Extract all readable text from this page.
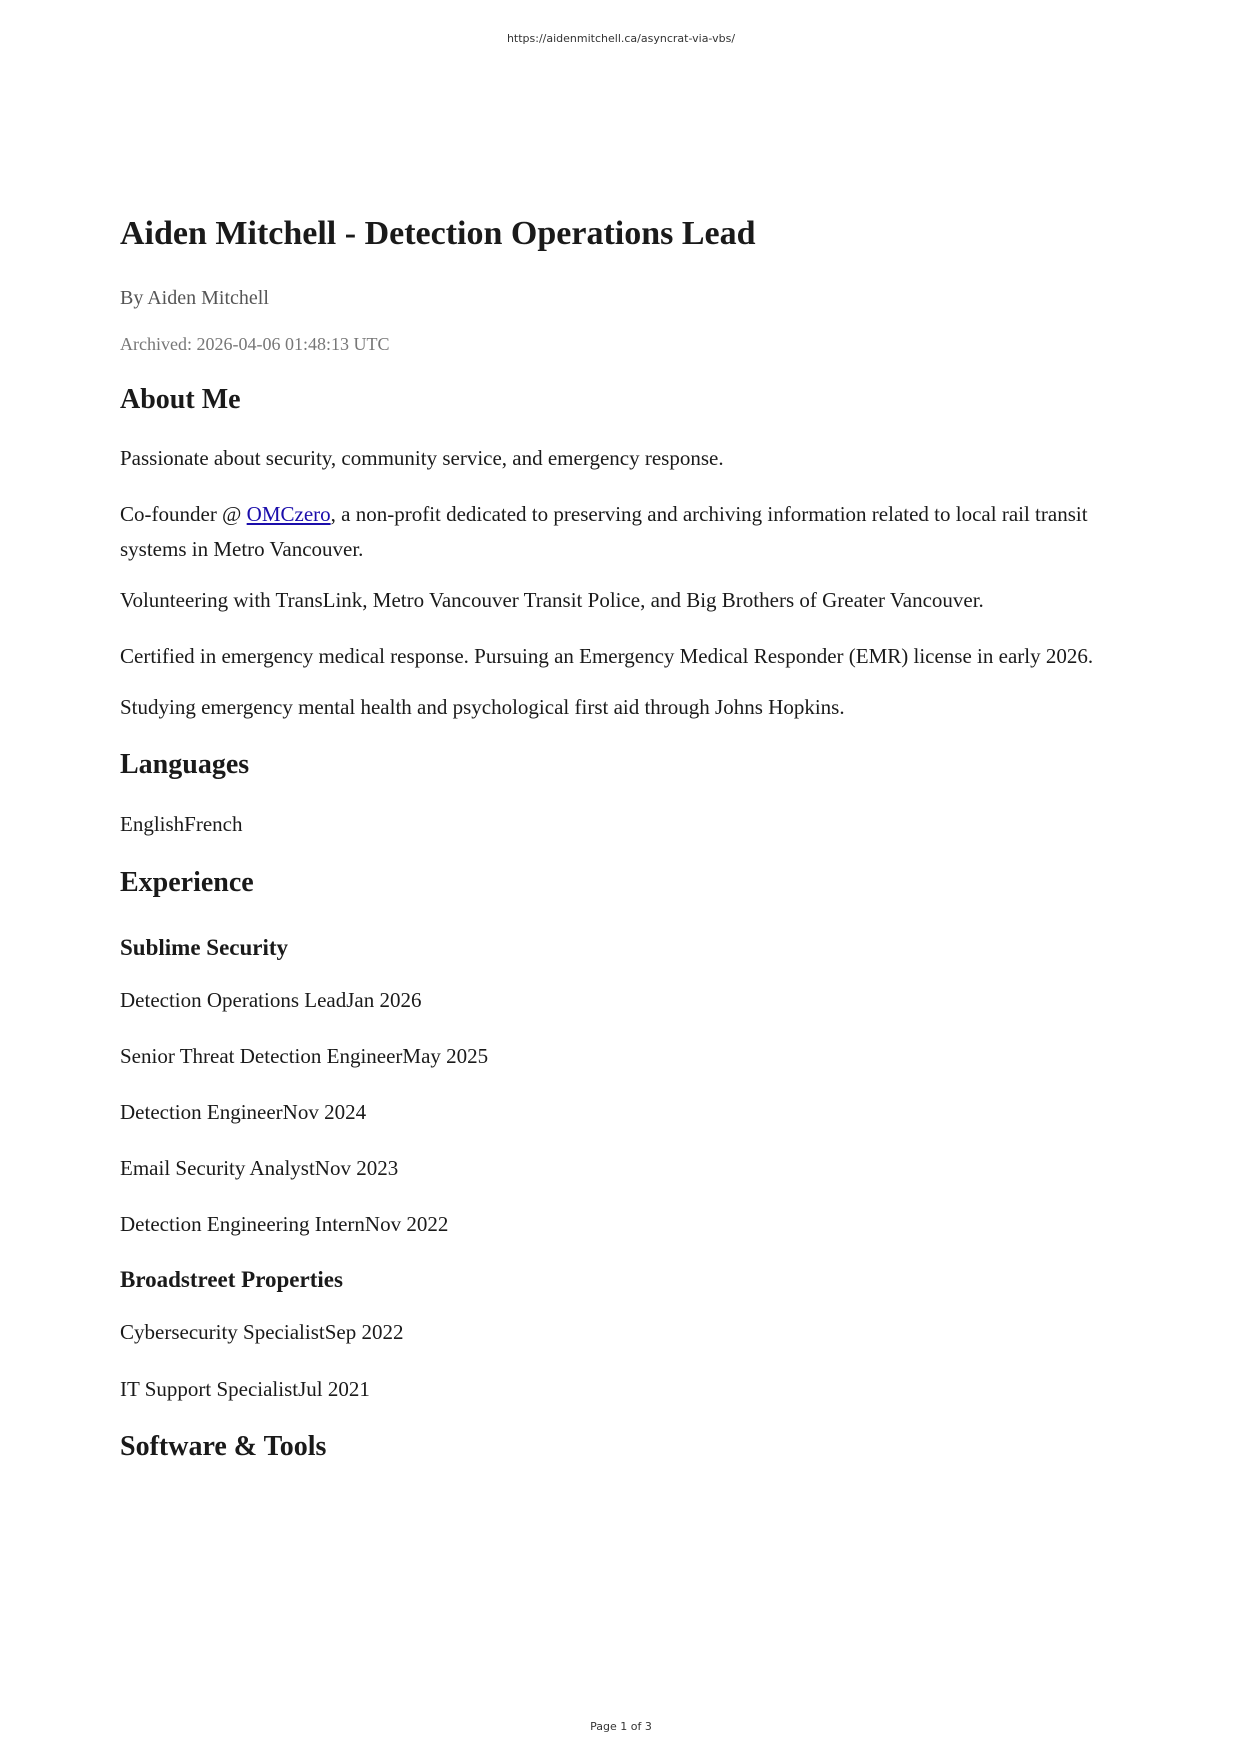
https://aidenmitchell.ca/asyncrat-via-vbs/
Aiden Mitchell - Detection Operations Lead
By Aiden Mitchell
Archived: 2026-04-06 01:48:13 UTC
About Me

Passionate about security, community service, and emergency response.

Co-founder @ OMCzero, a non-profit dedicated to preserving and archiving information related to local rail transit systems in Metro Vancouver.

Volunteering with TransLink, Metro Vancouver Transit Police, and Big Brothers of Greater Vancouver.

Certified in emergency medical response. Pursuing an Emergency Medical Responder (EMR) license in early 2026.

Studying emergency mental health and psychological first aid through Johns Hopkins.

Languages

EnglishFrench

Experience
Sublime Security

Detection Operations LeadJan 2026

Senior Threat Detection EngineerMay 2025

Detection EngineerNov 2024

Email Security AnalystNov 2023

Detection Engineering InternNov 2022

Broadstreet Properties

Cybersecurity SpecialistSep 2022

IT Support SpecialistJul 2021

Software & Tools
Page 1 of 3
